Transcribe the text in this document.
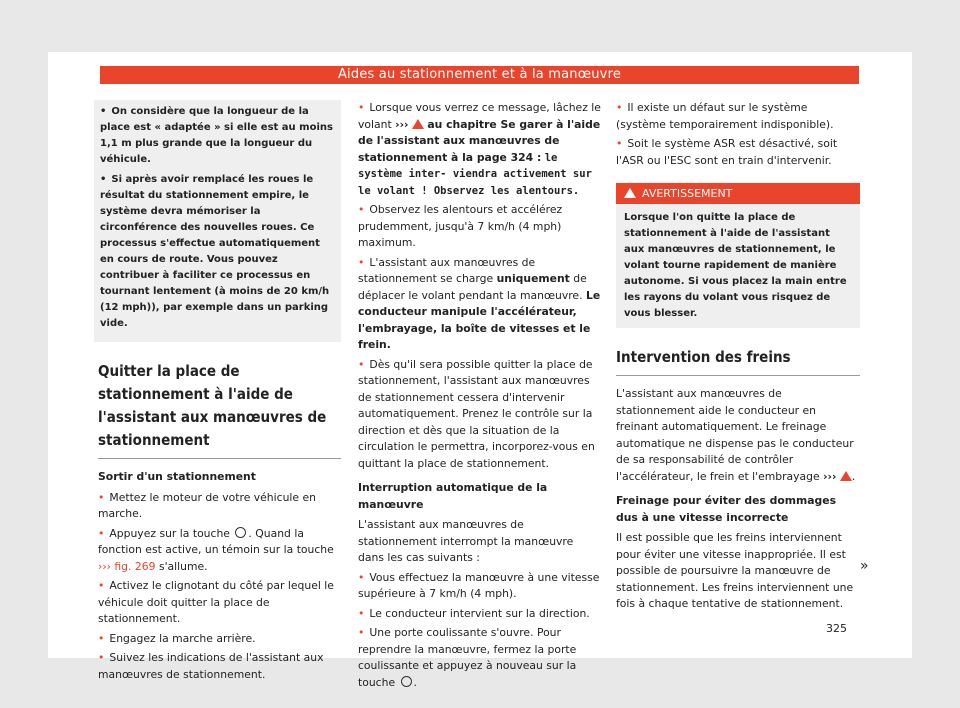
Aides au stationnement et à la manœuvre

• On considère que la longueur de la place est « adaptée » si elle est au moins 1,1 m plus grande que la longueur du véhicule.

• Si après avoir remplacé les roues le résultat du stationnement empire, le système devra mémoriser la circonférence des nouvelles roues. Ce processus s'effectue automatiquement en cours de route. Vous pouvez contribuer à faciliter ce processus en tournant lentement (à moins de 20 km/h (12 mph)), par exemple dans un parking vide.

Quitter la place de stationnement à l'aide de l'assistant aux manœuvres de stationnement
Sortir d'un stationnement

• Mettez le moteur de votre véhicule en marche.

• Appuyez sur la touche . Quand la fonction est active, un témoin sur la touche ››› fig. 269 s'allume.

• Activez le clignotant du côté par lequel le véhicule doit quitter la place de stationnement.

• Engagez la marche arrière.

• Suivez les indications de l'assistant aux manœuvres de stationnement.

• Lorsque vous verrez ce message, lâchez le volant ››› au chapitre Se garer à l'aide de l'assistant aux manœuvres de stationnement à la page 324 : le système inter- viendra activement sur le volant ! Observez les alentours.

• Observez les alentours et accélérez prudemment, jusqu'à 7 km/h (4 mph) maximum.

• L'assistant aux manœuvres de stationnement se charge uniquement de déplacer le volant pendant la manœuvre. Le conducteur manipule l'accélérateur, l'embrayage, la boîte de vitesses et le frein.

• Dès qu'il sera possible quitter la place de stationnement, l'assistant aux manœuvres de stationnement cessera d'intervenir automatiquement. Prenez le contrôle sur la direction et dès que la situation de la circulation le permettra, incorporez-vous en quittant la place de stationnement.

Interruption automatique de la manœuvre

L'assistant aux manœuvres de stationnement interrompt la manœuvre dans les cas suivants :

• Vous effectuez la manœuvre à une vitesse supérieure à 7 km/h (4 mph).

• Le conducteur intervient sur la direction.

• Une porte coulissante s'ouvre. Pour reprendre la manœuvre, fermez la porte coulissante et appuyez à nouveau sur la touche .

• Il existe un défaut sur le système (système temporairement indisponible).

• Soit le système ASR est désactivé, soit l'ASR ou l'ESC sont en train d'intervenir.

AVERTISSEMENT
Lorsque l'on quitte la place de stationnement à l'aide de l'assistant aux manœuvres de stationnement, le volant tourne rapidement de manière autonome. Si vous placez la main entre les rayons du volant vous risquez de vous blesser.
Intervention des freins

L'assistant aux manœuvres de stationnement aide le conducteur en freinant automatiquement. Le freinage automatique ne dispense pas le conducteur de sa responsabilité de contrôler l'accélérateur, le frein et l'embrayage ››› .

Freinage pour éviter des dommages dus à une vitesse incorrecte

Il est possible que les freins interviennent pour éviter une vitesse inappropriée. Il est possible de poursuivre la manœuvre de stationnement. Les freins interviennent une fois à chaque tentative de stationnement.

»
325
